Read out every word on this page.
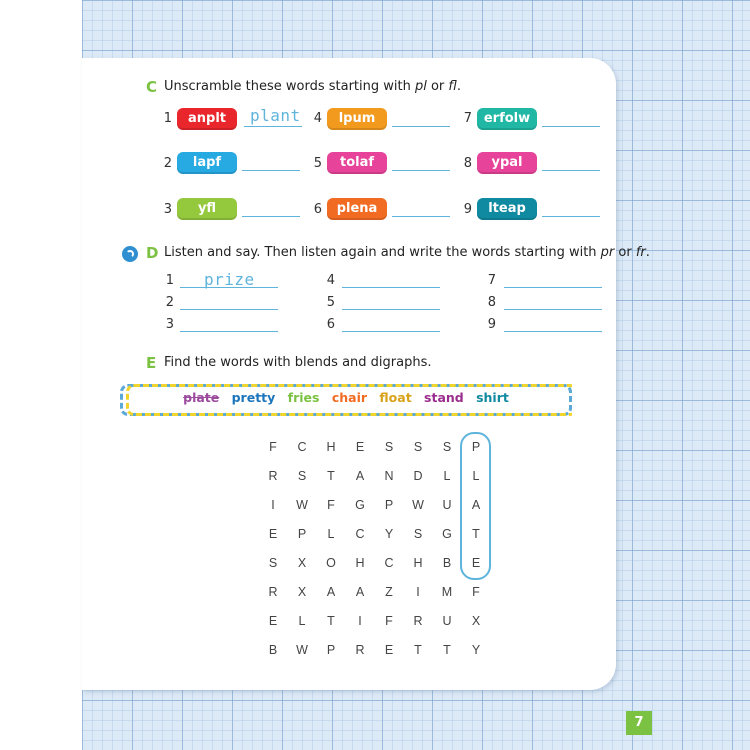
C Unscramble these words starting with pl or fl.
1	anplt	plant
2	lapf
3	yfl
4	lpum
5	tolaf
6	plena
7 erfolw
8	ypal
9	lteap
D Listen and say. Then listen again and write the words starting with pr or fr.
1 prize
2
3
4
5
6
7
8
9
E Find the words with blends and digraphs.
plate pretty fries chair float stand shirt
F	C	H	E	S	S	S	P
R	S	T	A	N	D	L	L
I	W	F	G	P	W	U	A
E	P	L	C	Y	S	G	T
S	X	O	H	C	H	B	E
R	X	A	A	Z	I	M	F
E	L	T	I	F	R	U	X
B	W	P	R	E	T	T	Y
7
